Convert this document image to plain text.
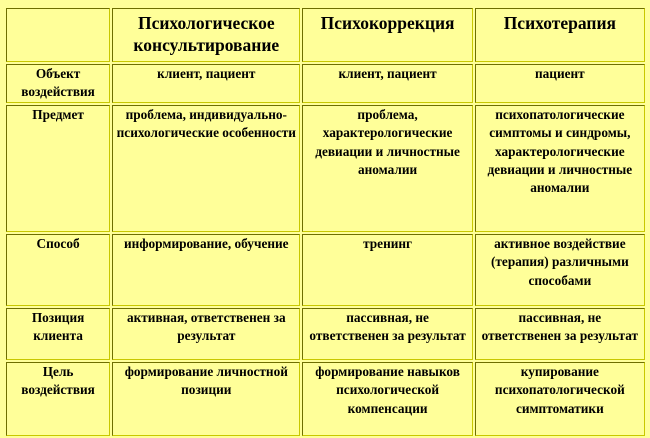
	Психологическое консультирование	Психокоррекция	Психотерапия
Объект воздействия	клиент, пациент	клиент, пациент	пациент
Предмет	проблема, индивидуально-психологические особенности	проблема, характерологические девиации и личностные аномалии	психопатологические симптомы и синдромы, характерологические девиации и личностные аномалии
Способ	информирование, обучение	тренинг	активное воздействие (терапия) различными способами
Позиция клиента	активная, ответственен за результат	пассивная, не ответственен за результат	пассивная, не ответственен за результат
Цель воздействия	формирование личностной позиции	формирование навыков психологической компенсации	купирование психопатологической симптоматики
